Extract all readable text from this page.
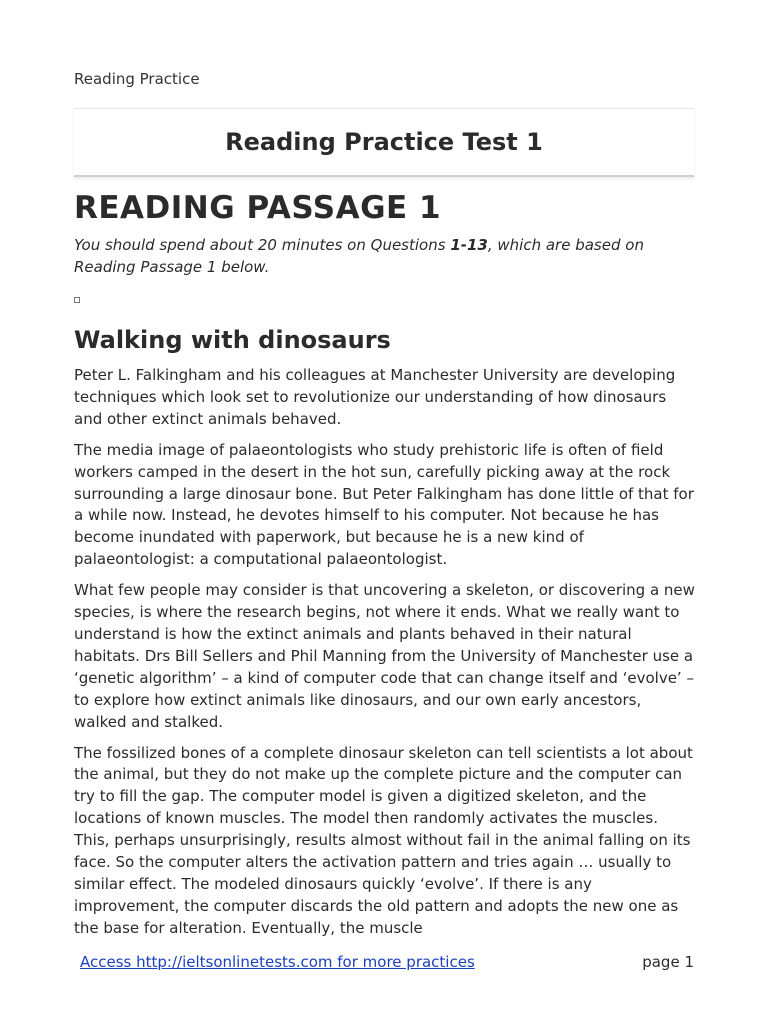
Reading Practice
Reading Practice Test 1
READING PASSAGE 1
You should spend about 20 minutes on Questions 1-13, which are based on Reading Passage 1 below.
Walking with dinosaurs

Peter L. Falkingham and his colleagues at Manchester University are developing techniques which look set to revolutionize our understanding of how dinosaurs and other extinct animals behaved.

The media image of palaeontologists who study prehistoric life is often of field workers camped in the desert in the hot sun, carefully picking away at the rock surrounding a large dinosaur bone. But Peter Falkingham has done little of that for a while now. Instead, he devotes himself to his computer. Not because he has become inundated with paperwork, but because he is a new kind of palaeontologist: a computational palaeontologist.

What few people may consider is that uncovering a skeleton, or discovering a new species, is where the research begins, not where it ends. What we really want to understand is how the extinct animals and plants behaved in their natural habitats. Drs Bill Sellers and Phil Manning from the University of Manchester use a ‘genetic algorithm’ – a kind of computer code that can change itself and ‘evolve’ – to explore how extinct animals like dinosaurs, and our own early ancestors, walked and stalked.

The fossilized bones of a complete dinosaur skeleton can tell scientists a lot about the animal, but they do not make up the complete picture and the computer can try to fill the gap. The computer model is given a digitized skeleton, and the locations of known muscles. The model then randomly activates the muscles. This, perhaps unsurprisingly, results almost without fail in the animal falling on its face. So the computer alters the activation pattern and tries again … usually to similar effect. The modeled dinosaurs quickly ‘evolve’. If there is any improvement, the computer discards the old pattern and adopts the new one as the base for alteration. Eventually, the muscle

Access http://ieltsonlinetests.com for more practices	page 1
